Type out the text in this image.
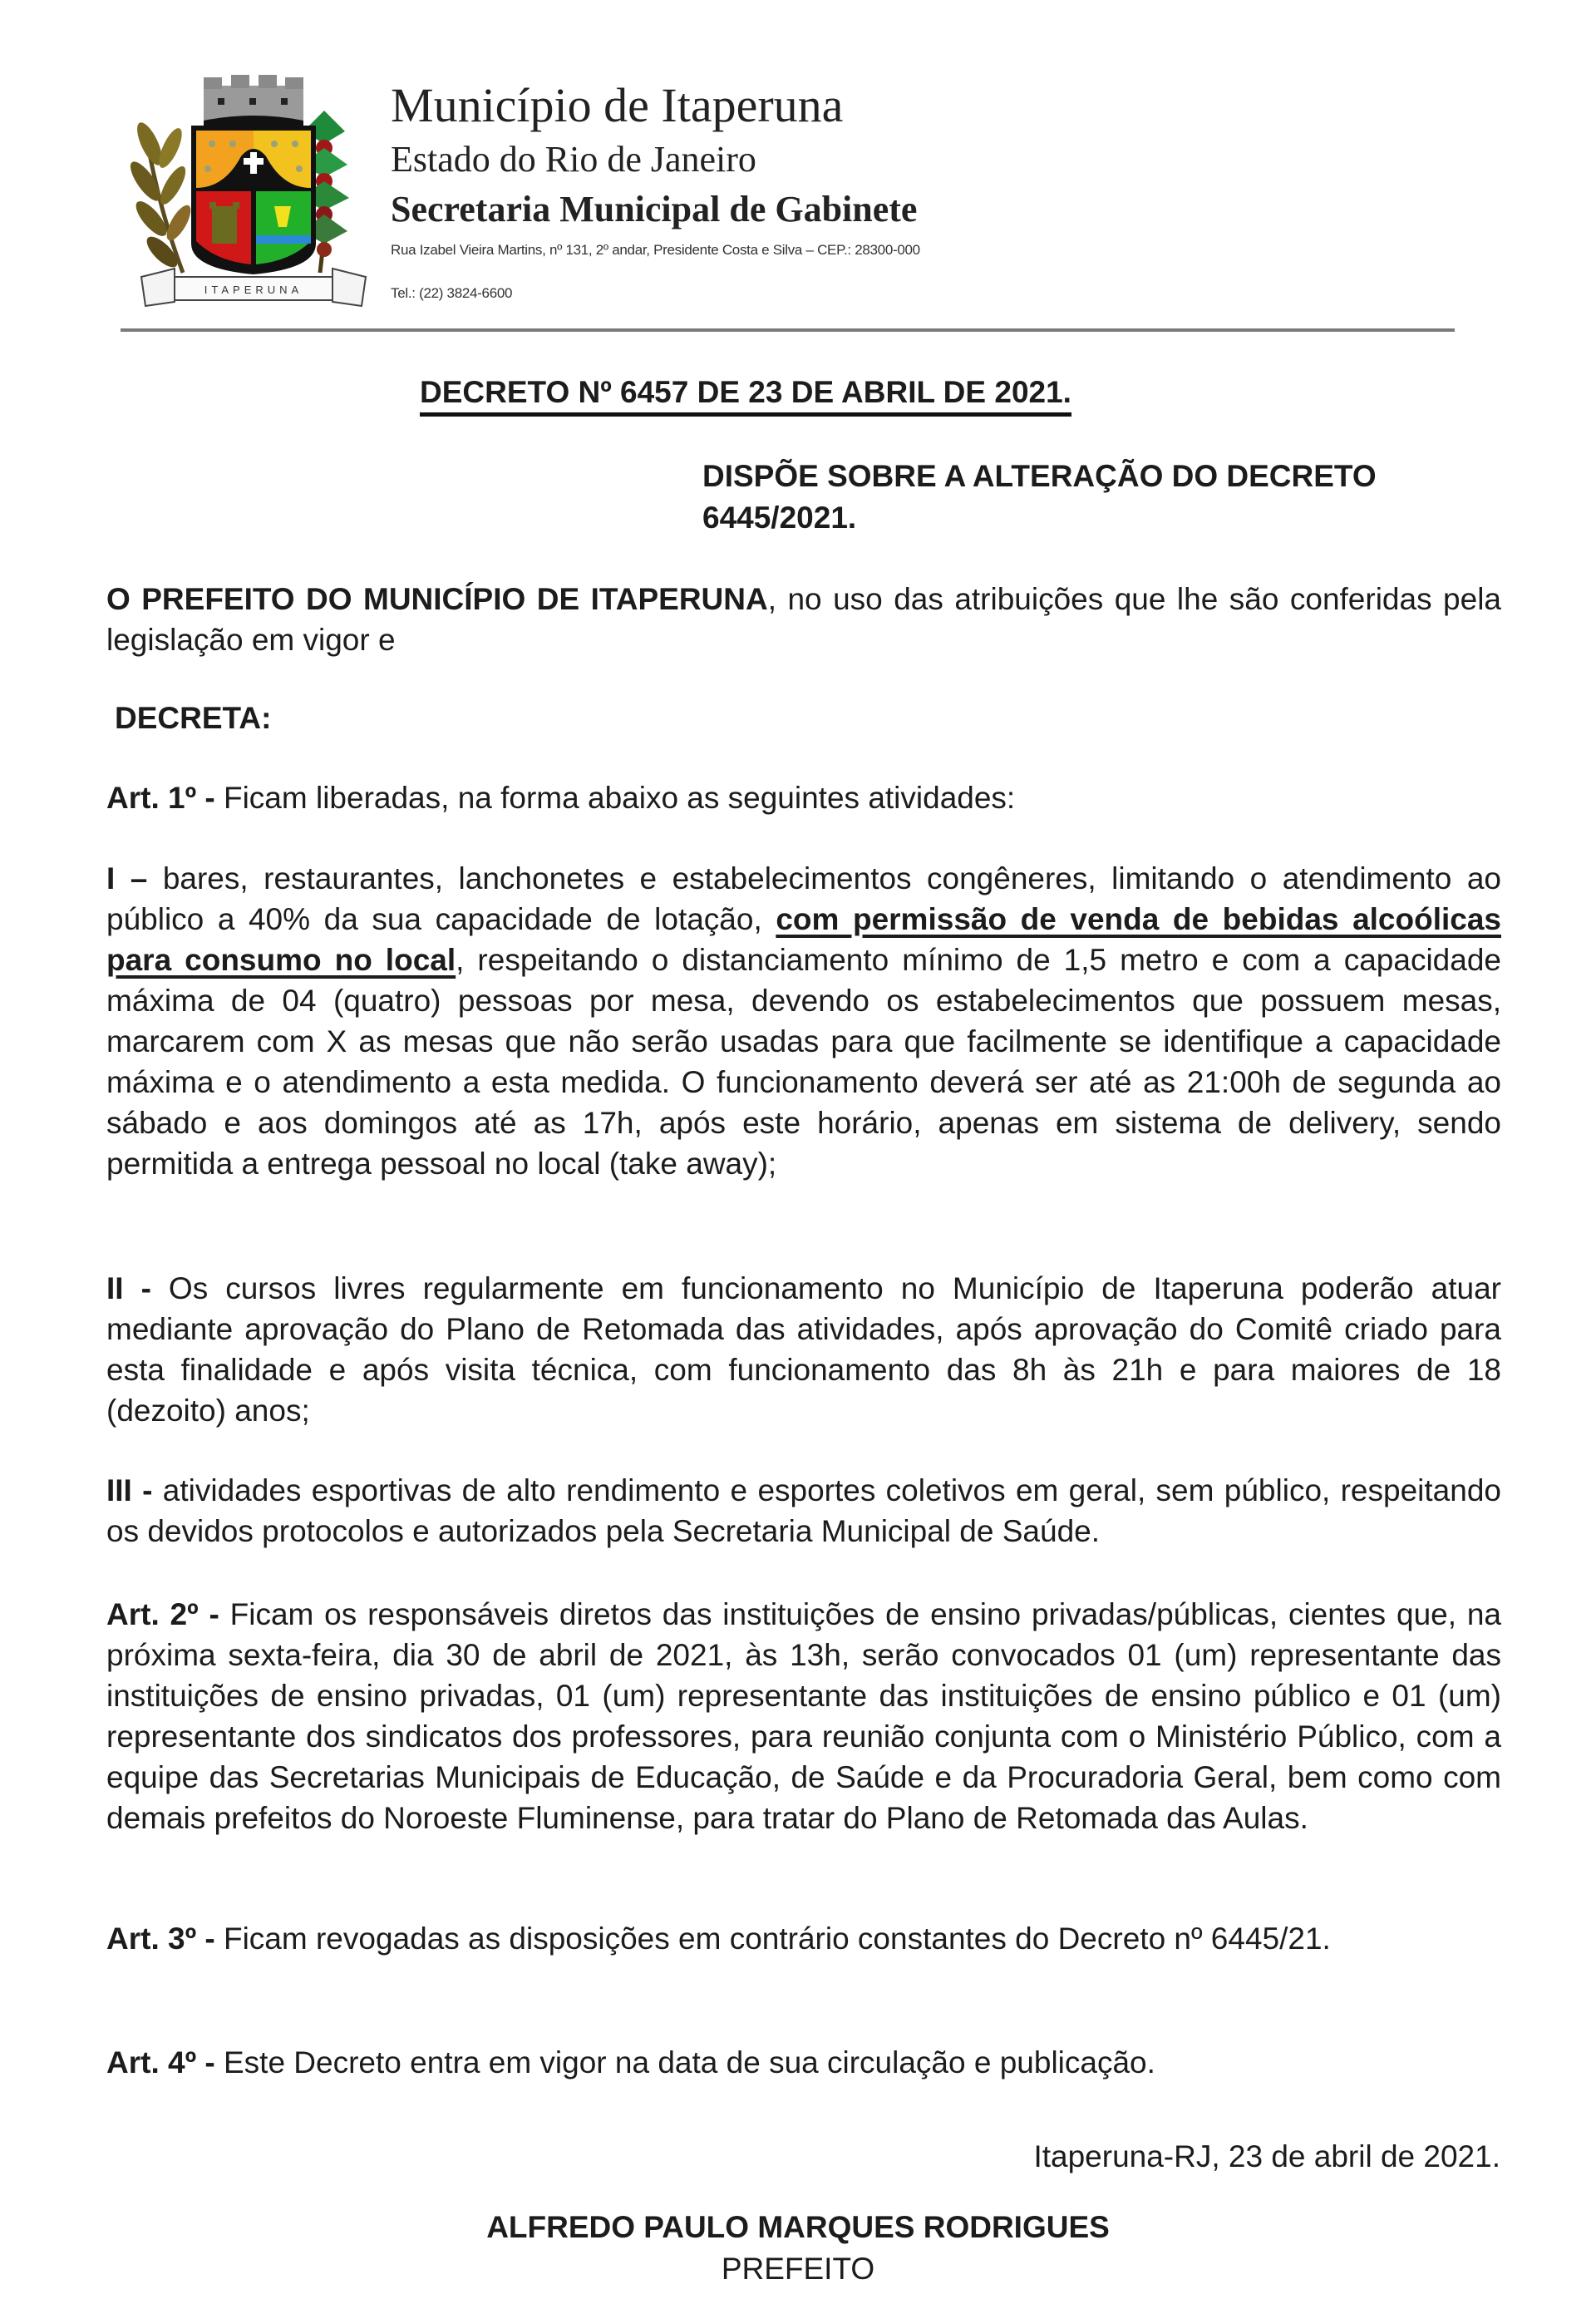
ITAPERUNA
Município de Itaperuna
Estado do Rio de Janeiro
Secretaria Municipal de Gabinete
Rua Izabel Vieira Martins, nº 131, 2º andar, Presidente Costa e Silva – CEP.: 28300-000
Tel.: (22) 3824-6600
DECRETO Nº 6457 DE 23 DE ABRIL DE 2021.
DISPÕE SOBRE A ALTERAÇÃO DO DECRETO 6445/2021.
O PREFEITO DO MUNICÍPIO DE ITAPERUNA, no uso das atribuições que lhe são conferidas pela legislação em vigor e
DECRETA:
Art. 1º - Ficam liberadas, na forma abaixo as seguintes atividades:
I – bares, restaurantes, lanchonetes e estabelecimentos congêneres, limitando o atendimento ao público a 40% da sua capacidade de lotação, com permissão de venda de bebidas alcoólicas para consumo no local, respeitando o distanciamento mínimo de 1,5 metro e com a capacidade máxima de 04 (quatro) pessoas por mesa, devendo os estabelecimentos que possuem mesas, marcarem com X as mesas que não serão usadas para que facilmente se identifique a capacidade máxima e o atendimento a esta medida. O funcionamento deverá ser até as 21:00h de segunda ao sábado e aos domingos até as 17h, após este horário, apenas em sistema de delivery, sendo permitida a entrega pessoal no local (take away);
II - Os cursos livres regularmente em funcionamento no Município de Itaperuna poderão atuar mediante aprovação do Plano de Retomada das atividades, após aprovação do Comitê criado para esta finalidade e após visita técnica, com funcionamento das 8h às 21h e para maiores de 18 (dezoito) anos;
III - atividades esportivas de alto rendimento e esportes coletivos em geral, sem público, respeitando os devidos protocolos e autorizados pela Secretaria Municipal de Saúde.
Art. 2º - Ficam os responsáveis diretos das instituições de ensino privadas/públicas, cientes que, na próxima sexta-feira, dia 30 de abril de 2021, às 13h, serão convocados 01 (um) representante das instituições de ensino privadas, 01 (um) representante das instituições de ensino público e 01 (um) representante dos sindicatos dos professores, para reunião conjunta com o Ministério Público, com a equipe das Secretarias Municipais de Educação, de Saúde e da Procuradoria Geral, bem como com demais prefeitos do Noroeste Fluminense, para tratar do Plano de Retomada das Aulas.
Art. 3º - Ficam revogadas as disposições em contrário constantes do Decreto nº 6445/21.
Art. 4º - Este Decreto entra em vigor na data de sua circulação e publicação.
Itaperuna-RJ, 23 de abril de 2021.
ALFREDO PAULO MARQUES RODRIGUES
PREFEITO
